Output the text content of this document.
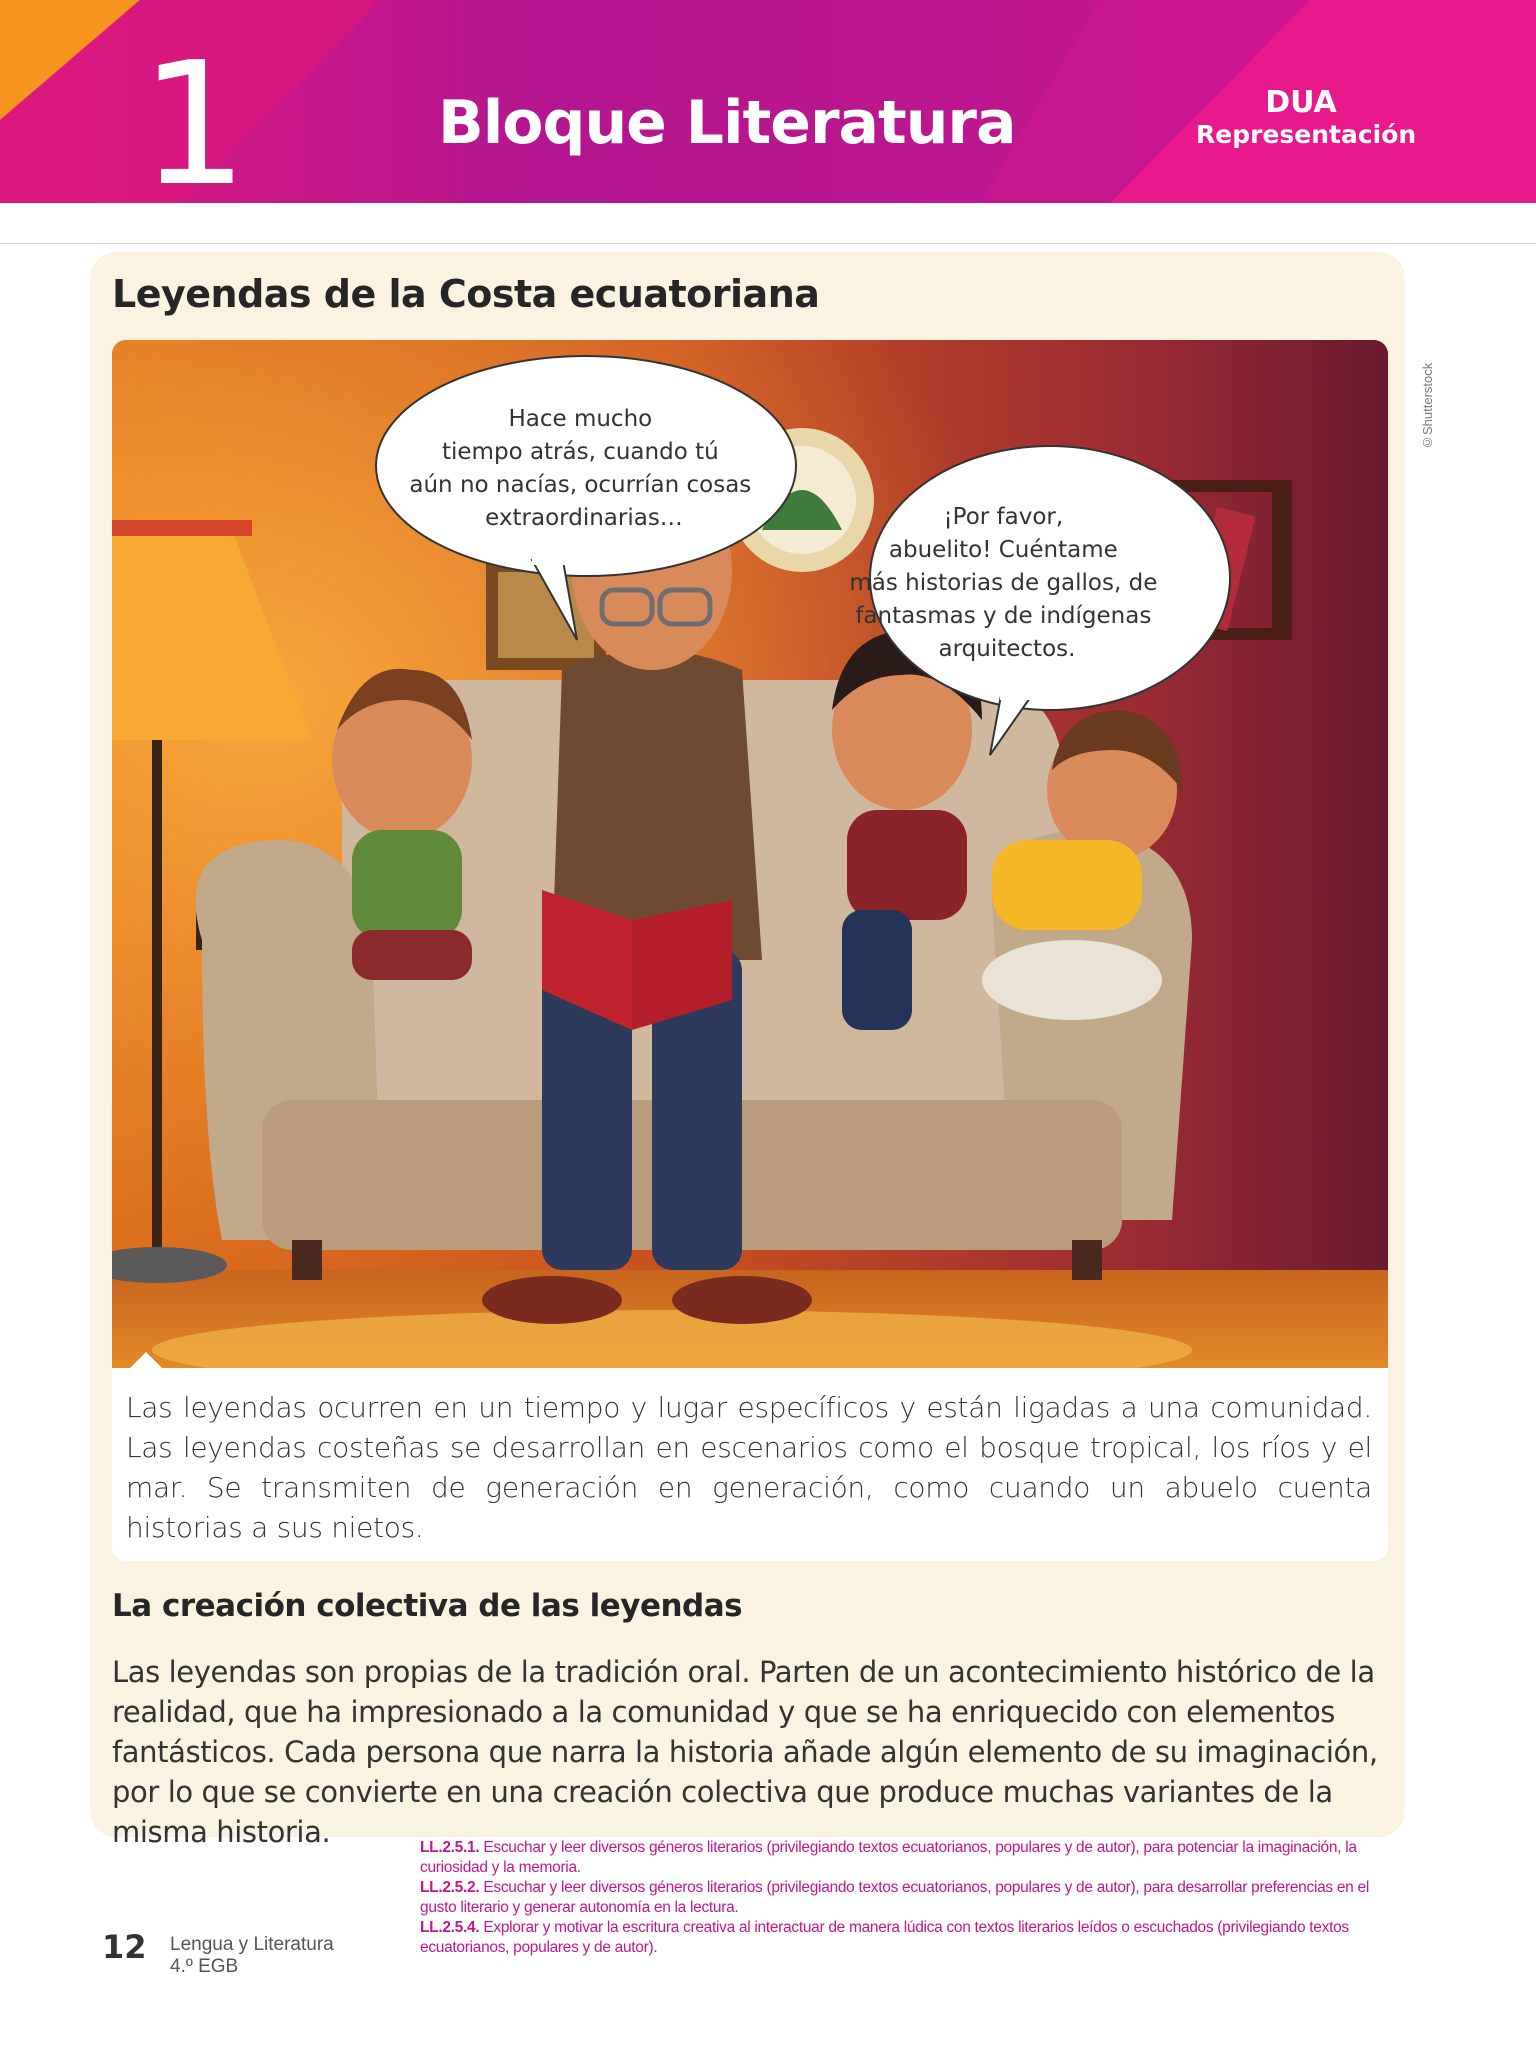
1	Bloque Literatura	DUA
Representación
Leyendas de la Costa ecuatoriana
©Shutterstock
Hace mucho tiempo atrás, cuando tú aún no nacías, ocurrían cosas extraordinarias…	¡Por favor, abuelito! Cuéntame más historias de gallos, de fantasmas y de indígenas arquitectos.
Las leyendas ocurren en un tiempo y lugar específicos y están ligadas a una comunidad. Las leyendas costeñas se desarrollan en escenarios como el bosque tropical, los ríos y el mar. Se transmiten de generación en generación, como cuando un abuelo cuenta historias a sus nietos.
La creación colectiva de las leyendas
Las leyendas son propias de la tradición oral. Parten de un acontecimiento histórico de la realidad, que ha impresionado a la comunidad y que se ha enriquecido con elementos fantásticos. Cada persona que narra la historia añade algún elemento de su imaginación, por lo que se convierte en una creación colectiva que produce muchas variantes de la misma historia.	LL.2.5.1. Escuchar y leer diversos géneros literarios (privilegiando textos ecuatorianos, populares y de autor), para potenciar la imaginación, la curiosidad y la memoria.

LL.2.5.2. Escuchar y leer diversos géneros literarios (privilegiando textos ecuatorianos, populares y de autor), para desarrollar preferencias en el gusto literario y generar autonomía en la lectura.

LL.2.5.4. Explorar y motivar la escritura creativa al interactuar de manera lúdica con textos literarios leídos o escuchados (privilegiando textos ecuatorianos, populares y de autor).

12 Lengua y Literatura
4.º EGB
